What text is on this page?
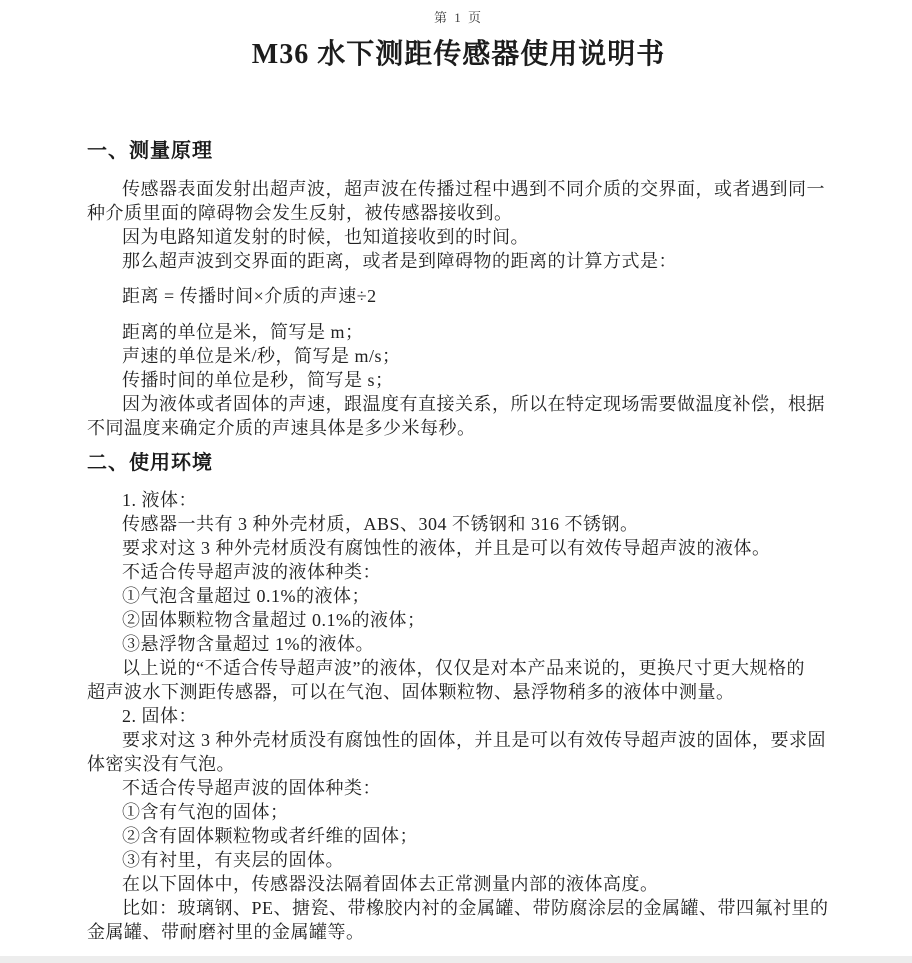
第 1 页
M36 水下测距传感器使用说明书
一、测量原理

传感器表面发射出超声波，超声波在传播过程中遇到不同介质的交界面，或者遇到同一

种介质里面的障碍物会发生反射，被传感器接收到。

因为电路知道发射的时候，也知道接收到的时间。

那么超声波到交界面的距离，或者是到障碍物的距离的计算方式是：

距离 = 传播时间×介质的声速÷2

距离的单位是米，简写是 m；

声速的单位是米/秒，简写是 m/s；

传播时间的单位是秒，简写是 s；

因为液体或者固体的声速，跟温度有直接关系，所以在特定现场需要做温度补偿，根据

不同温度来确定介质的声速具体是多少米每秒。

二、使用环境

1. 液体：

传感器一共有 3 种外壳材质，ABS、304 不锈钢和 316 不锈钢。

要求对这 3 种外壳材质没有腐蚀性的液体，并且是可以有效传导超声波的液体。

不适合传导超声波的液体种类：

①气泡含量超过 0.1%的液体；

②固体颗粒物含量超过 0.1%的液体；

③悬浮物含量超过 1%的液体。

以上说的“不适合传导超声波”的液体，仅仅是对本产品来说的，更换尺寸更大规格的

超声波水下测距传感器，可以在气泡、固体颗粒物、悬浮物稍多的液体中测量。

2. 固体：

要求对这 3 种外壳材质没有腐蚀性的固体，并且是可以有效传导超声波的固体，要求固

体密实没有气泡。

不适合传导超声波的固体种类：

①含有气泡的固体；

②含有固体颗粒物或者纤维的固体；

③有衬里，有夹层的固体。

在以下固体中，传感器没法隔着固体去正常测量内部的液体高度。

比如：玻璃钢、PE、搪瓷、带橡胶内衬的金属罐、带防腐涂层的金属罐、带四氟衬里的

金属罐、带耐磨衬里的金属罐等。
